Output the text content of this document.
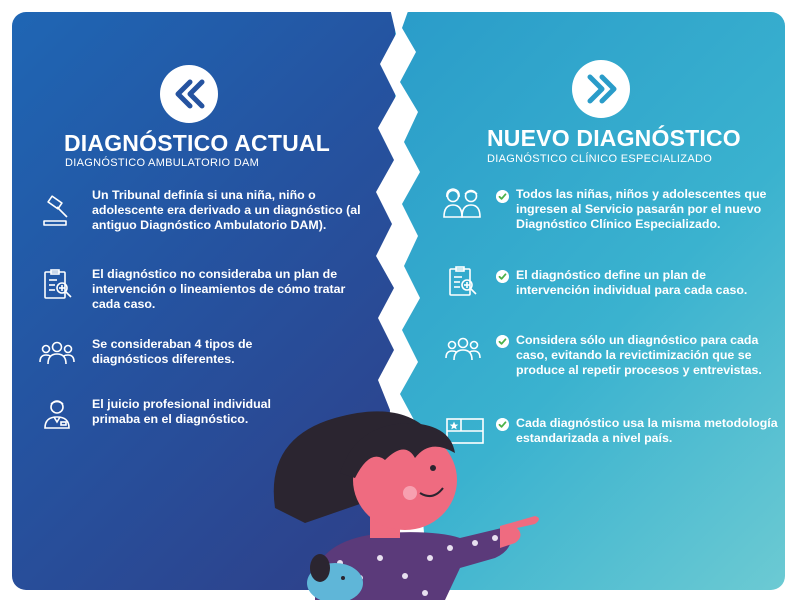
DIAGNÓSTICO ACTUAL
DIAGNÓSTICO AMBULATORIO DAM
NUEVO DIAGNÓSTICO
DIAGNÓSTICO CLÍNICO ESPECIALIZADO
Un Tribunal definía si una niña, niño o adolescente era derivado a un diagnóstico (al antiguo Diagnóstico Ambulatorio DAM).
El diagnóstico no consideraba un plan de intervención o lineamientos de cómo tratar cada caso.
Se consideraban 4 tipos de diagnósticos diferentes.
El juicio profesional individual primaba en el diagnóstico.
Todos las niñas, niños y adolescentes que ingresen al Servicio pasarán por el nuevo Diagnóstico Clínico Especializado.
El diagnóstico define un plan de intervención individual para cada caso.
Considera sólo un diagnóstico para cada caso, evitando la revictimización que se produce al repetir procesos y entrevistas.
Cada diagnóstico usa la misma metodología estandarizada a nivel país.
